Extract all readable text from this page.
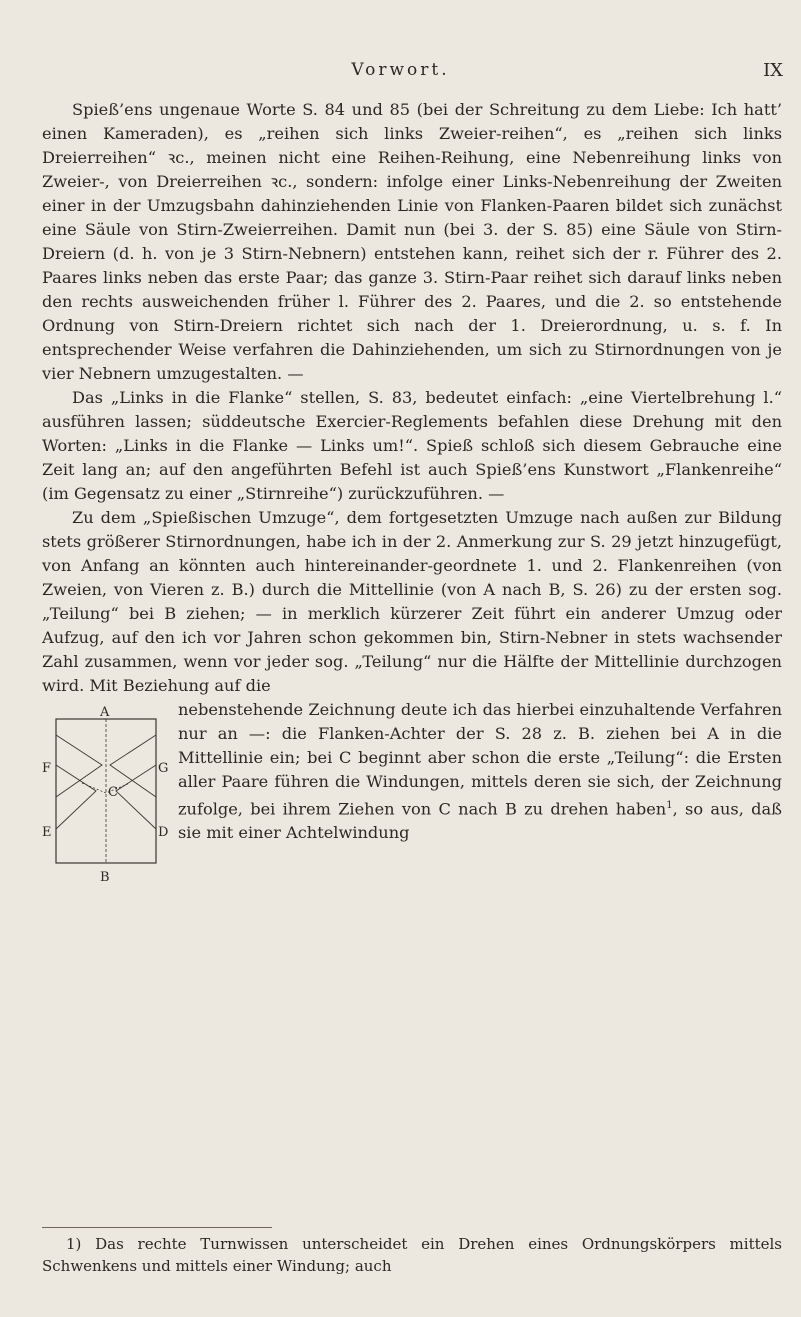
Vorwort.	IX

Spieß’ens ungenaue Worte S. 84 und 85 (bei der Schreitung zu dem Liebe: Ich hatt’ einen Kameraden), es „reihen sich links Zweier-reihen“, es „reihen sich links Dreierreihen“ ꝛc., meinen nicht eine Reihen-Reihung, eine Nebenreihung links von Zweier-, von Dreierreihen ꝛc., sondern: infolge einer Links-Nebenreihung der Zweiten einer in der Umzugsbahn dahinziehenden Linie von Flanken-Paaren bildet sich zunächst eine Säule von Stirn-Zweierreihen. Damit nun (bei 3. der S. 85) eine Säule von Stirn-Dreiern (d. h. von je 3 Stirn-Nebnern) entstehen kann, reihet sich der r. Führer des 2. Paares links neben das erste Paar; das ganze 3. Stirn-Paar reihet sich darauf links neben den rechts ausweichenden früher l. Führer des 2. Paares, und die 2. so entstehende Ordnung von Stirn-Dreiern richtet sich nach der 1. Dreierordnung, u. s. f. In entsprechender Weise verfahren die Dahinziehenden, um sich zu Stirnordnungen von je vier Nebnern umzugestalten. —

Das „Links in die Flanke“ stellen, S. 83, bedeutet einfach: „eine Viertelbrehung l.“ ausführen lassen; süddeutsche Exercier-Reglements befahlen diese Drehung mit den Worten: „Links in die Flanke — Links um!“. Spieß schloß sich diesem Gebrauche eine Zeit lang an; auf den angeführten Befehl ist auch Spieß’ens Kunstwort „Flankenreihe“ (im Gegensatz zu einer „Stirnreihe“) zurückzuführen. —

Zu dem „Spießischen Umzuge“, dem fortgesetzten Umzuge nach außen zur Bildung stets größerer Stirnordnungen, habe ich in der 2. Anmerkung zur S. 29 jetzt hinzugefügt, von Anfang an könnten auch hintereinander-geordnete 1. und 2. Flankenreihen (von Zweien, von Vieren z. B.) durch die Mittellinie (von A nach B, S. 26) zu der ersten sog. „Teilung“ bei B ziehen; — in merklich kürzerer Zeit führt ein anderer Umzug oder Aufzug, auf den ich vor Jahren schon gekommen bin, Stirn-Nebner in stets wachsender Zahl zusammen, wenn vor jeder sog. „Teilung“ nur die Hälfte der Mittellinie durchzogen wird. Mit Beziehung auf die

A
B
C
D
E
F	G
nebenstehende Zeichnung deute ich das hierbei einzuhaltende Verfahren nur an —: die Flanken-Achter der S. 28 z. B. ziehen bei A in die Mittellinie ein; bei C beginnt aber schon die erste „Teilung“: die Ersten aller Paare führen die Windungen, mittels deren sie sich, der Zeichnung zufolge, bei ihrem Ziehen von C nach B zu drehen haben$^1$, so aus, daß sie mit einer Achtelwindung

1) Das rechte Turnwissen unterscheidet ein Drehen eines Ordnungskörpers mittels Schwenkens und mittels einer Windung; auch
